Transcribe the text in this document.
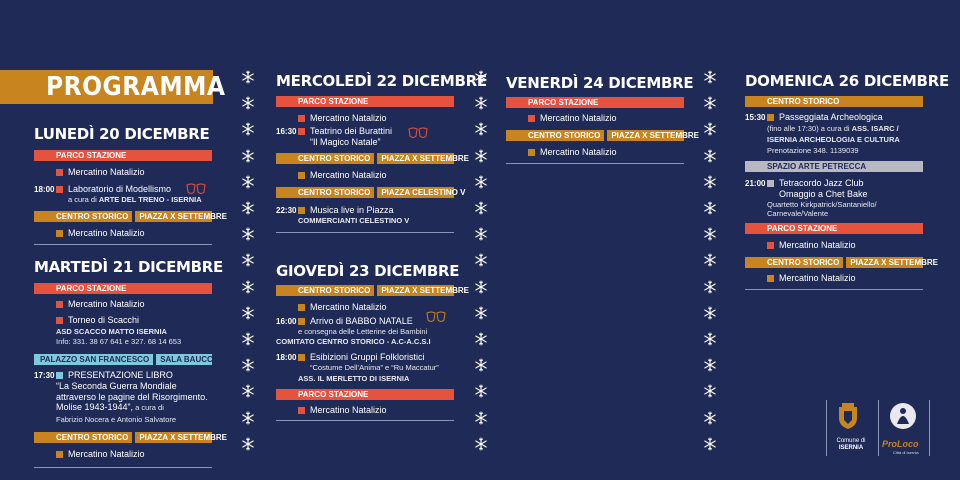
PROGRAMMA
LUNEDÌ 20 DICEMBRE
PARCO STAZIONE
Mercatino Natalizio
18:00	Laboratorio di Modellismo
a cura di ARTE DEL TRENO - ISERNIA
CENTRO STORICO PIAZZA X SETTEMBRE
Mercatino Natalizio
MARTEDÌ 21 DICEMBRE
PARCO STAZIONE
Mercatino Natalizio
Torneo di Scacchi
ASD SCACCO MATTO ISERNIA
Info: 331. 38 67 641 e 327. 68 14 653
PALAZZO SAN FRANCESCO SALA BAUCCI
17:30	PRESENTAZIONE LIBRO
“La Seconda Guerra Mondiale attraverso le pagine del Risorgimento. Molise 1943-1944”, a cura di
Fabrizio Nocera e Antonio Salvatore
CENTRO STORICO PIAZZA X SETTEMBRE
Mercatino Natalizio
MERCOLEDÌ 22 DICEMBRE
PARCO STAZIONE
Mercatino Natalizio
16:30	Teatrino dei Burattini
“Il Magico Natale”
CENTRO STORICO PIAZZA X SETTEMBRE
Mercatino Natalizio
CENTRO STORICO PIAZZA CELESTINO V
22:30	Musica live in Piazza
COMMERCIANTI CELESTINO V
GIOVEDÌ 23 DICEMBRE
CENTRO STORICO PIAZZA X SETTEMBRE
Mercatino Natalizio
16:00	Arrivo di BABBO NATALE
e consegna delle Letterine dei Bambini
COMITATO CENTRO STORICO - A.C-A.C.S.I
18:00	Esibizioni Gruppi Folkloristici
“Costume Dell’Anima” e “Ru Maccatur”
ASS. IL MERLETTO DI ISERNIA
PARCO STAZIONE
Mercatino Natalizio
VENERDÌ 24 DICEMBRE
PARCO STAZIONE
Mercatino Natalizio
CENTRO STORICO PIAZZA X SETTEMBRE
Mercatino Natalizio
DOMENICA 26 DICEMBRE
CENTRO STORICO
15:30	Passeggiata Archeologica
(fino alle 17:30) a cura di ASS. ISARC /
ISERNIA ARCHEOLOGIA E CULTURA
Prenotazione 348. 1139039
SPAZIO ARTE PETRECCA
21:00	Tetracordo Jazz Club
Omaggio a Chet Bake
Quartetto Kirkpatrick/Santaniello/ Carnevale/Valente
PARCO STAZIONE
Mercatino Natalizio
CENTRO STORICO PIAZZA X SETTEMBRE
Mercatino Natalizio
Comune di
ISERNIA	ProLoco
Città di Isernia
